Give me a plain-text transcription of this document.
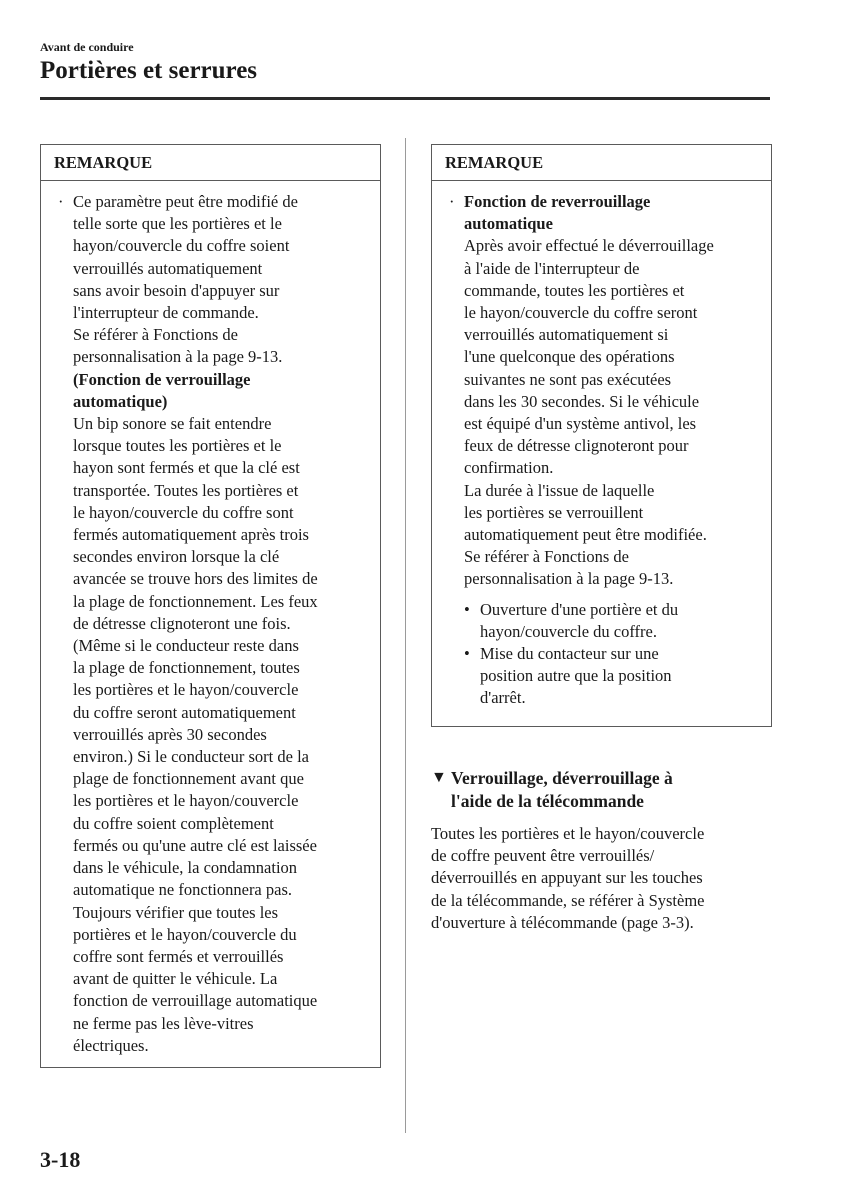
Avant de conduire
Portières et serrures
REMARQUE
· Ce paramètre peut être modifié de

telle sorte que les portières et le

hayon/couvercle du coffre soient

verrouillés automatiquement

sans avoir besoin d'appuyer sur

l'interrupteur de commande.

Se référer à Fonctions de

personnalisation à la page 9-13.

(Fonction de verrouillage

automatique)

Un bip sonore se fait entendre

lorsque toutes les portières et le

hayon sont fermés et que la clé est

transportée. Toutes les portières et

le hayon/couvercle du coffre sont

fermés automatiquement après trois

secondes environ lorsque la clé

avancée se trouve hors des limites de

la plage de fonctionnement. Les feux

de détresse clignoteront une fois.

(Même si le conducteur reste dans

la plage de fonctionnement, toutes

les portières et le hayon/couvercle

du coffre seront automatiquement

verrouillés après 30 secondes

environ.) Si le conducteur sort de la

plage de fonctionnement avant que

les portières et le hayon/couvercle

du coffre soient complètement

fermés ou qu'une autre clé est laissée

dans le véhicule, la condamnation

automatique ne fonctionnera pas.

Toujours vérifier que toutes les

portières et le hayon/couvercle du

coffre sont fermés et verrouillés

avant de quitter le véhicule. La

fonction de verrouillage automatique

ne ferme pas les lève-vitres

électriques.

REMARQUE
· Fonction de reverrouillage

automatique

Après avoir effectué le déverrouillage

à l'aide de l'interrupteur de

commande, toutes les portières et

le hayon/couvercle du coffre seront

verrouillés automatiquement si

l'une quelconque des opérations

suivantes ne sont pas exécutées

dans les 30 secondes. Si le véhicule

est équipé d'un système antivol, les

feux de détresse clignoteront pour

confirmation.

La durée à l'issue de laquelle

les portières se verrouillent

automatiquement peut être modifiée.

Se référer à Fonctions de

personnalisation à la page 9-13.

• Ouverture d'une portière et du

hayon/couvercle du coffre.

• Mise du contacteur sur une

position autre que la position

d'arrêt.

▼ Verrouillage, déverrouillage à
l'aide de la télécommande
Toutes les portières et le hayon/couvercle
de coffre peuvent être verrouillés/
déverrouillés en appuyant sur les touches
de la télécommande, se référer à Système
d'ouverture à télécommande (page 3-3).
3-18
